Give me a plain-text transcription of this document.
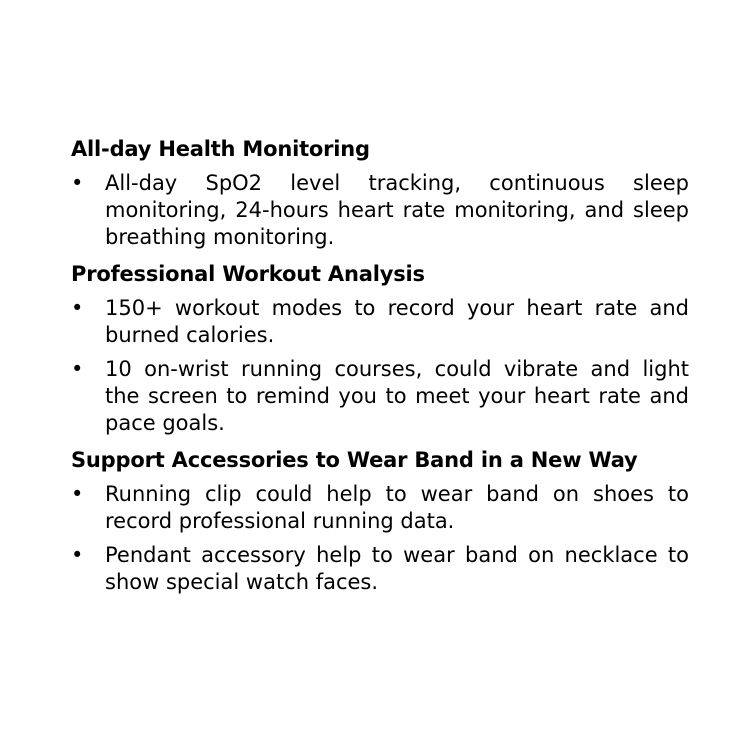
All-day Health Monitoring
• All-day SpO2 level tracking, continuous sleep monitoring, 24-hours heart rate monitoring, and sleep breathing monitoring.
Professional Workout Analysis
• 150+ workout modes to record your heart rate and burned calories.
• 10 on-wrist running courses, could vibrate and light the screen to remind you to meet your heart rate and pace goals.
Support Accessories to Wear Band in a New Way
• Running clip could help to wear band on shoes to record professional running data.
• Pendant accessory help to wear band on necklace to show special watch faces.
